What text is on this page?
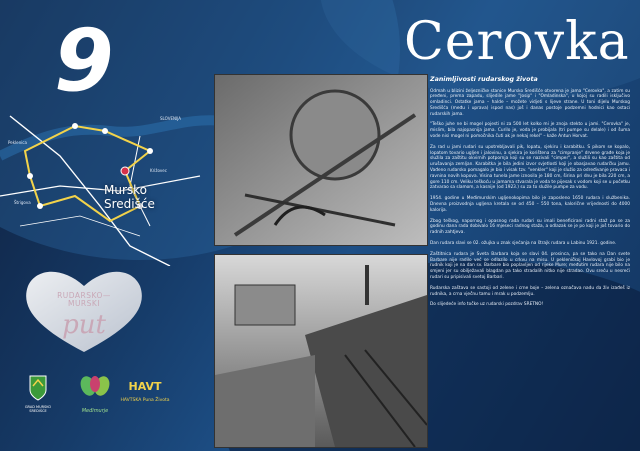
9	Cerovka
Mursko
Središće
Peklenica
SLOVENIJA
Križovec
Štrigova
RUDARSKO—
MURSKI
put
GRAD MURSKO SREDIŠĆE	Međimurje
HAVT
HAVTSKA Puna Života
Zanimljivosti rudarskog života

Odmah u blizini željezničke stanice Mursko Središće otvorena je jama "Cerovka", a zatim su pređeni, prema zapadu, slijedile jame "Josip" i "Omladinska", u kojoj su radili isključivo omladinci. Ostatke jama – halde – možete vidjeti s lijeve strane. U toni dijelu Murskog Središća (među i uprava) ispod nas) još i danas postoje podzemni hodnici kao ostaci rudarskih jama.

"Teško juhe ne bi mogel pojesti ni za 500 let kolko mi je znoja stekto u jami. "Cerovka" je, mislim, bila najopasnija jama. Curilo je, voda je probijala (tri pumpe su delale) i od šuma vode nisi mogel ni pomočnika čuti ak je nekaj rekel" – kaže Antun Horvat.

Za rad u jami rudari su upotrebljavali pik, lopatu, sjekiru i karabitku. S pikom se kopalo, lopatom tovario ugljen i jalovinu, a sjekira je korištena za "cimpranje" drvene građe koja je služila za zaštitu okvirnih potpornja koji su se nazivali "cimper", a služili su kao zaštita od urušavanja zemljan. Karabitka je bila jedini izvor svjetlosti koji je obasjavao rudarčku jamu. Vađeno rudarsko pomagalo je bio i visak tzv. "venkler" koji je služio za određivanje pravaca i ravnina novih kopova. Visina tunela jame iznosila je 180 cm, širina pri dnu je bila 220 cm, a gore 110 cm. Veliku teškoću u jamama stvarala je voda te pijesak s vodom koji se u početku zatvarao sa slamom, a kasnije (od 1923.) su za to služile pumpe za vodu.

1954. godine u Međimurskim ugljenokopima bilo je zaposleno 1650 rudara i službenika. Dnevna proizvodnja ugljena kretala se od 450 – 550 tona, kalorične vrijednosti do 4000 kalorija.

Zbog teškog, napornog i opasnog rada rudari su imali beneficirani radni staž pa se za godinu dana rada dobivalo 16 mjeseci radnog staža, a odlazak se je po koji je još tovario do radnih zahtjeva.

Dan rudara slavi se 02. ožujka u znak sjećanja na štrajk rudara u Labinu 1921. godine.

Zaštitnica rudara je Sveta Barbara koja se slavi 04. prosinca, pa se tako na Dan svete Barbare nije radilo već se odlazilo u crkvu na misu. U pekleničkoj Havlovoj grabi bio je rudnik koji je na dan sv. Barbare bio poplavljen od rijeke Mure; međutim rudara nije bilo na smjeni jer su obilježavali blagdan pa tako stradalih nitko nije stradao. Ovu sreću u nesreći rudari su pripisivali svetoj Barbari.

Rudarska zaštava se sastoji od zelene i crne boje – zelena označava nadu da živ izađeš iz rudnika, a crna vječnu tamu i mrak u podzemlju.

Do slijedeće info točke uz rudarski pozdrav SRETNO!
